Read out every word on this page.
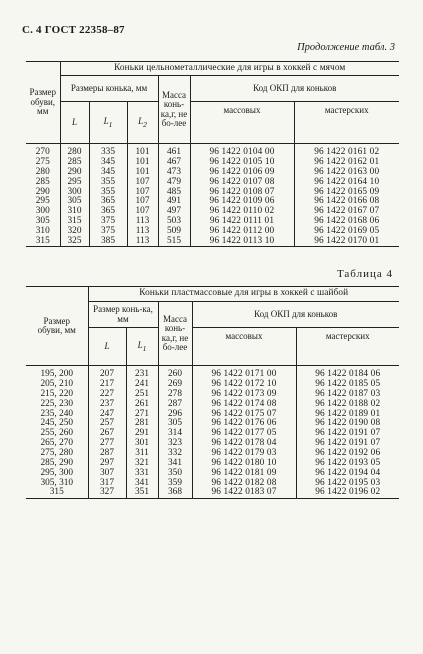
С. 4 ГОСТ 22358–87
Продолжение табл. 3
Размер обуви, мм	Коньки цельнометаллические для игры в хоккей с мячом					
	Размеры конька, мм			Масса конь-ка,г, не бо-лее	Код ОКП для коньков	
	L	$L_1$	$L_2$		массовых	мастерских

270	280	335	101	461	96 1422 0104 00	96 1422 0161 02
275	285	345	101	467	96 1422 0105 10	96 1422 0162 01
280	290	345	101	473	96 1422 0106 09	96 1422 0163 00
285	295	355	107	479	96 1422 0107 08	96 1422 0164 10
290	300	355	107	485	96 1422 0108 07	96 1422 0165 09
295	305	365	107	491	96 1422 0109 06	96 1422 0166 08
300	310	365	107	497	96 1422 0110 02	96 1422 0167 07
305	315	375	113	503	96 1422 0111 01	96 1422 0168 06
310	320	375	113	509	96 1422 0112 00	96 1422 0169 05
315	325	385	113	515	96 1422 0113 10	96 1422 0170 01
Таблица 4
Размер обуви, мм	Коньки пластмассовые для игры в хоккей с шайбой				
	Размер конь-ка, мм		Масса конь-ка,г, не бо-лее	Код ОКП для коньков	
	L	$L_1$		массовых	мастерских

195, 200	207	231	260	96 1422 0171 00	96 1422 0184 06
205, 210	217	241	269	96 1422 0172 10	96 1422 0185 05
215, 220	227	251	278	96 1422 0173 09	96 1422 0187 03
225, 230	237	261	287	96 1422 0174 08	96 1422 0188 02
235, 240	247	271	296	96 1422 0175 07	96 1422 0189 01
245, 250	257	281	305	96 1422 0176 06	96 1422 0190 08
255, 260	267	291	314	96 1422 0177 05	96 1422 0191 07
265, 270	277	301	323	96 1422 0178 04	96 1422 0191 07
275, 280	287	311	332	96 1422 0179 03	96 1422 0192 06
285, 290	297	321	341	96 1422 0180 10	96 1422 0193 05
295, 300	307	331	350	96 1422 0181 09	96 1422 0194 04
305, 310	317	341	359	96 1422 0182 08	96 1422 0195 03
315	327	351	368	96 1422 0183 07	96 1422 0196 02
